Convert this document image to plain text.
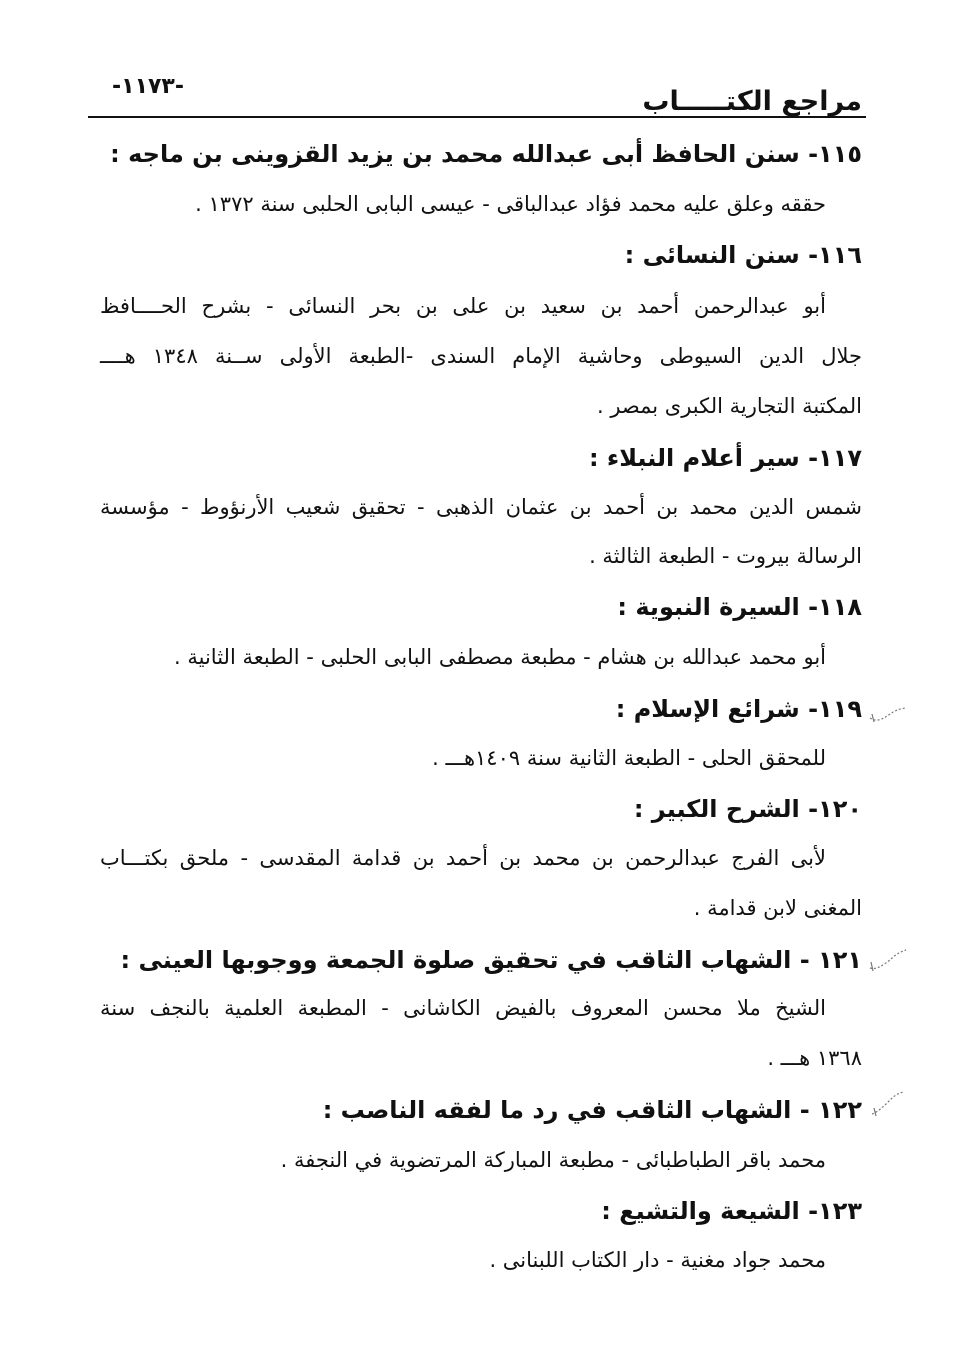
-١١٧٣-	مراجع الكتـــــاب
١١٥- سنن الحافظ أبى عبدالله محمد بن يزيد القزوينى بن ماجه :
حققه وعلق عليه محمد فؤاد عبدالباقى - عيسى البابى الحلبى سنة ١٣٧٢ .
١١٦- سنن النسائى :
أبو عبدالرحمن أحمد بن سعيد بن على بن بحر النسائى - بشرح الحــــافظ
جلال الدين السيوطى وحاشية الإمام السندى -الطبعة الأولى ســنة ١٣٤٨ هــــ
المكتبة التجارية الكبرى بمصر .
١١٧- سير أعلام النبلاء :
شمس الدين محمد بن أحمد بن عثمان الذهبى - تحقيق شعيب الأرنؤوط - مؤسسة
الرسالة بيروت - الطبعة الثالثة .
١١٨- السيرة النبوية :
أبو محمد عبدالله بن هشام - مطبعة مصطفى البابى الحلبى - الطبعة الثانية .
١١٩- شرائع الإسلام :
للمحقق الحلى - الطبعة الثانية سنة ١٤٠٩هـــ .
١٢٠- الشرح الكبير :
لأبى الفرج عبدالرحمن بن محمد بن أحمد بن قدامة المقدسى - ملحق بكتـــاب
المغنى لابن قدامة .
١٢١ - الشهاب الثاقب في تحقيق صلوة الجمعة ووجوبها العينى :
الشيخ ملا محسن المعروف بالفيض الكاشانى - المطبعة العلمية بالنجف سنة
١٣٦٨ هـــ .
١٢٢ - الشهاب الثاقب في رد ما لفقه الناصب :
محمد باقر الطباطبائى - مطبعة المباركة المرتضوية في النجفة .
١٢٣- الشيعة والتشيع :
محمد جواد مغنية - دار الكتاب اللبنانى .
